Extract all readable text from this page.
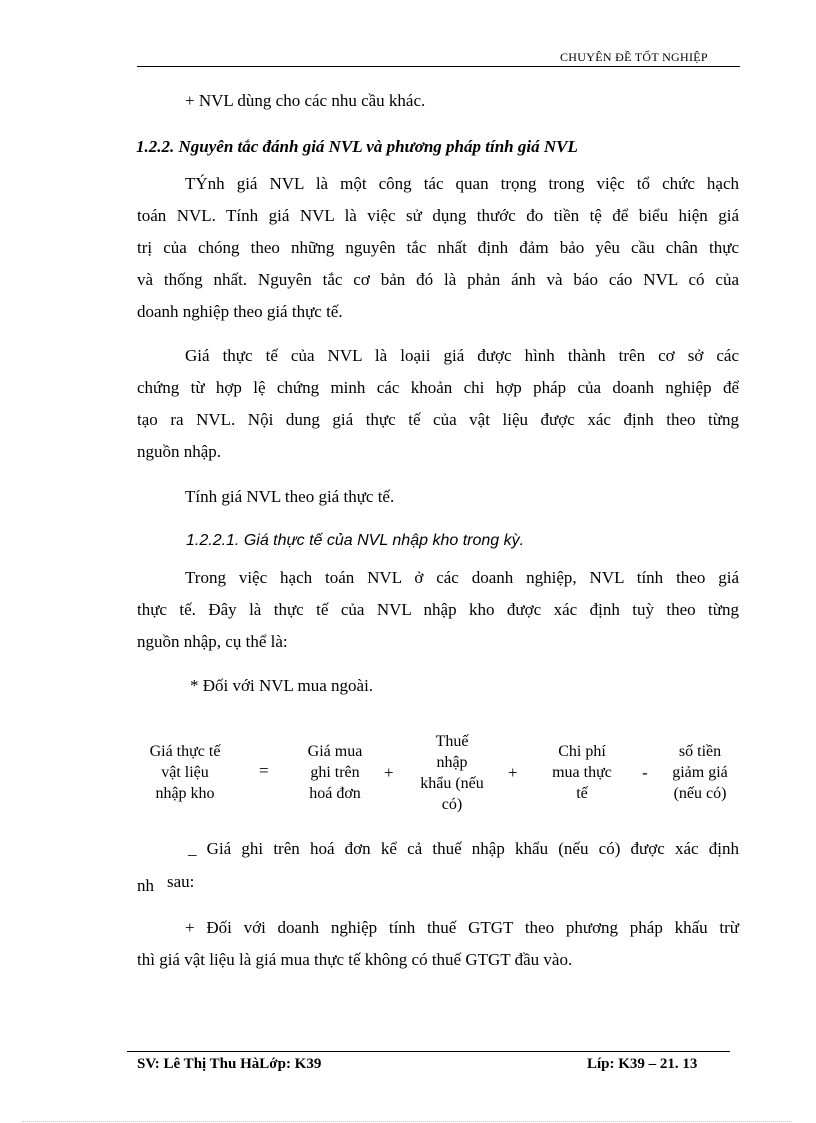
CHUYÊN ĐỀ TỐT NGHIỆP
+ NVL dùng cho các nhu cầu khác.
1.2.2. Nguyên tắc đánh giá NVL và phương pháp tính giá NVL
TÝnh giá NVL là một công tác quan trọng trong việc tổ chức hạch
toán NVL. Tính giá NVL là việc sử dụng thước đo tiền tệ để biểu hiện giá
trị của chóng theo những nguyên tắc nhất định đảm bảo yêu cầu chân thực
và thống nhất. Nguyên tắc cơ bản đó là phản ánh và báo cáo NVL có của
doanh nghiệp theo giá thực tế.
Giá thực tế của NVL là loạii giá được hình thành trên cơ sở các
chứng từ hợp lệ chứng minh các khoản chi hợp pháp của doanh nghiệp để
tạo ra NVL. Nội dung giá thực tế của vật liệu được xác định theo từng
nguồn nhập.
Tính giá NVL theo giá thực tế.
1.2.2.1. Giá thực tế của NVL nhập kho trong kỳ.
Trong việc hạch toán NVL ở các doanh nghiệp, NVL tính theo giá
thực tế. Đây là thực tế của NVL nhập kho được xác định tuỳ theo từng
nguồn nhập, cụ thể là:
* Đối với NVL mua ngoài.
Giá thực tế
vật liệu
nhập kho
=
Giá mua
ghi trên
hoá đơn
+
Thuế
nhập
khẩu (nếu
có)
+
Chi phí
mua thực
tế
-
số tiền
giảm giá
(nếu có)
_ Giá ghi trên hoá đơn kể cả thuế nhập khẩu (nếu có) được xác định
nh sau:
+ Đối với doanh nghiệp tính thuế GTGT theo phương pháp khấu trừ
thì giá vật liệu là giá mua thực tế không có thuế GTGT đầu vào.
SV: Lê Thị Thu HàLớp: K39	Líp: K39 – 21. 13
